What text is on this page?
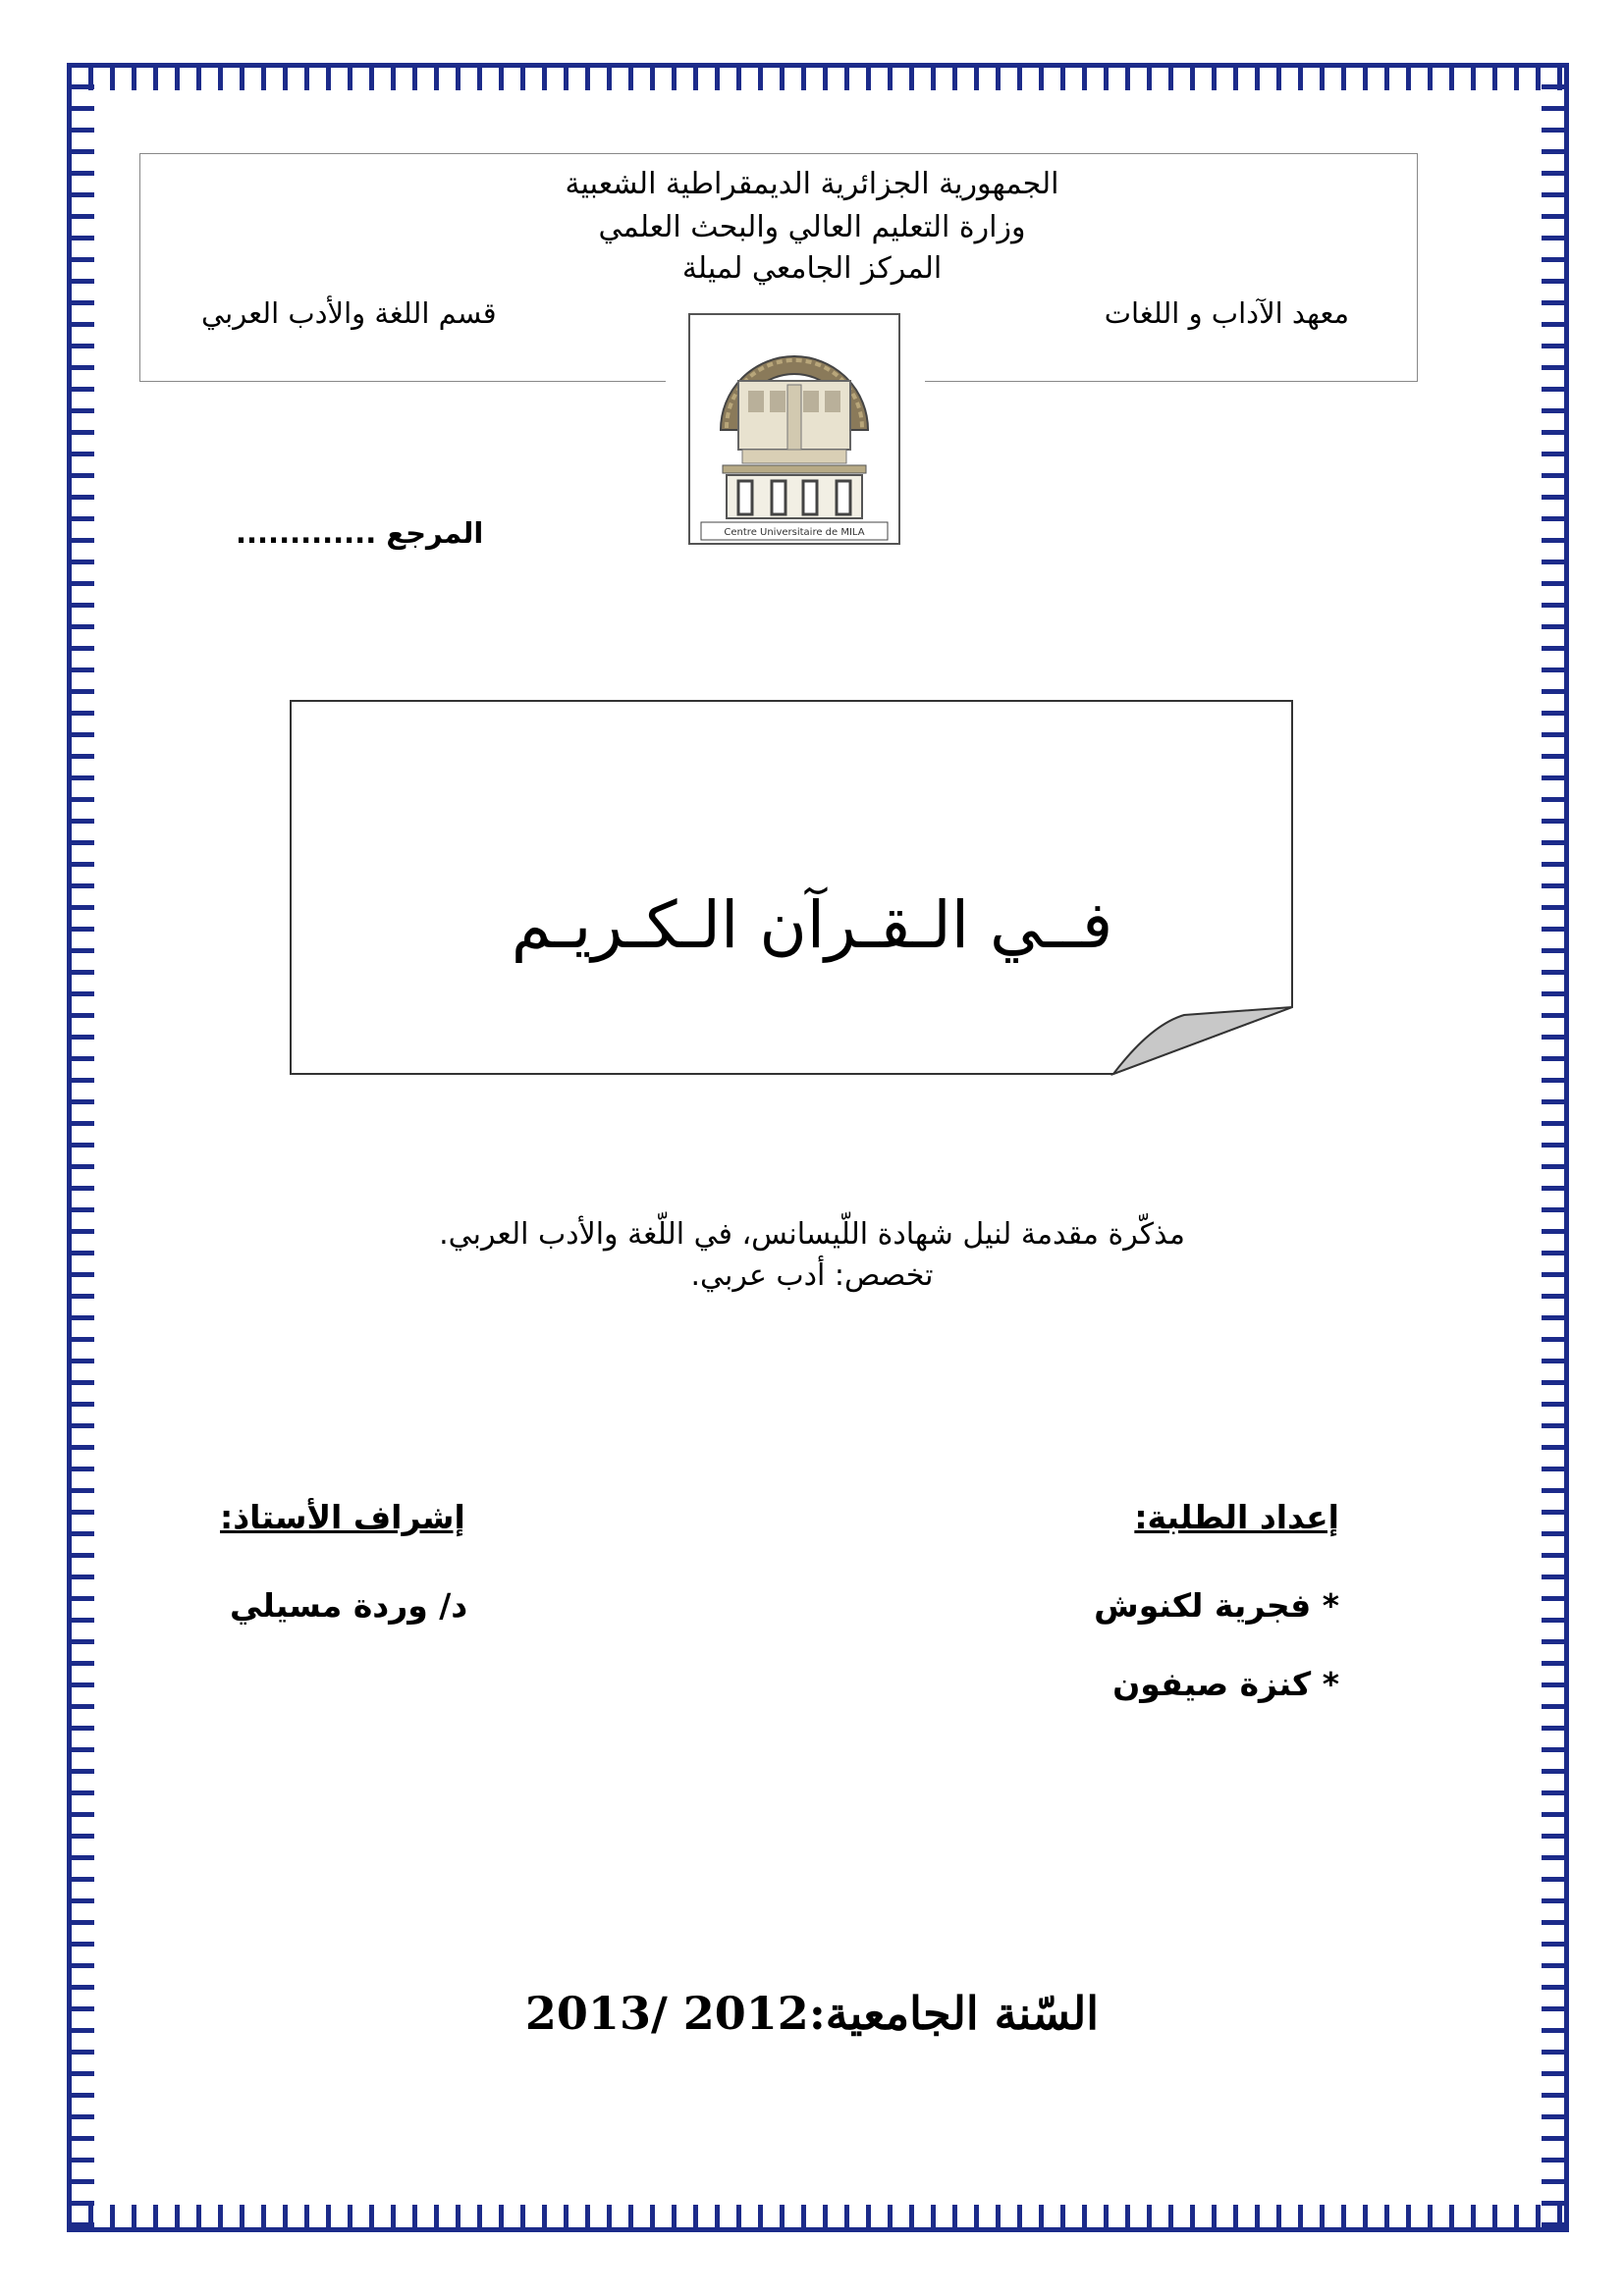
الجمهورية الجزائرية الديمقراطية الشعبية
وزارة التعليم العالي والبحث العلمي
المركز الجامعي لميلة
قسم اللغة والأدب العربي	معهد الآداب و اللغات
Centre Universitaire de MILA
المرجع .............
فــي الـقـرآن الـكـريـم
مذكّرة مقدمة لنيل شهادة اللّيسانس، في اللّغة والأدب العربي.
تخصص: أدب عربي.
إعداد الطلبة:
إشراف الأستاذ:
* فجرية لكنوش
* كنزة صيفون
د/ وردة مسيلي
السّنة الجامعية:2012 /2013
